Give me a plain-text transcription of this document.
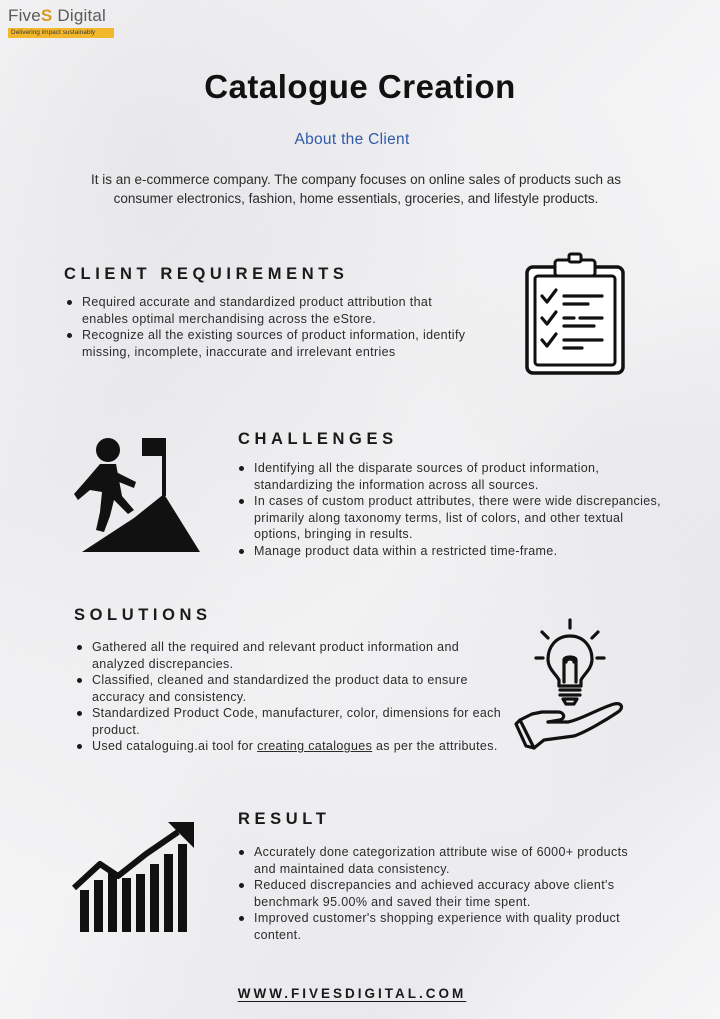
FiveS Digital
Delivering impact sustainably
Catalogue Creation
About the Client
It is an e-commerce company. The company focuses on online sales of products such as consumer electronics, fashion, home essentials, groceries, and lifestyle products.
CLIENT REQUIREMENTS
Required accurate and standardized product attribution that enables optimal merchandising across the eStore.
Recognize all the existing sources of product information, identify missing, incomplete, inaccurate and irrelevant entries
CHALLENGES
Identifying all the disparate sources of product information, standardizing the information across all sources.
In cases of custom product attributes, there were wide discrepancies, primarily along taxonomy terms, list of colors, and other textual options, bringing in results.
Manage product data within a restricted time-frame.
SOLUTIONS
Gathered all the required and relevant product information and analyzed discrepancies.
Classified, cleaned and standardized the product data to ensure accuracy and consistency.
Standardized Product Code, manufacturer, color, dimensions for each product.
Used cataloguing.ai tool for creating catalogues as per the attributes.
RESULT
Accurately done categorization attribute wise of 6000+ products and maintained data consistency.
Reduced discrepancies and achieved accuracy above client's benchmark 95.00% and saved their time spent.
Improved customer's shopping experience with quality product content.
WWW.FIVESDIGITAL.COM
